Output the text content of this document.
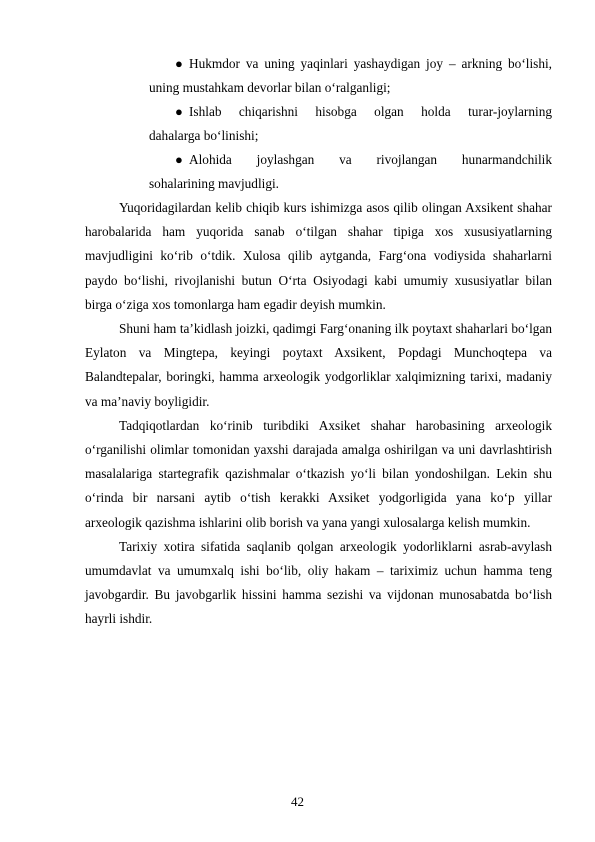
● Hukmdor va uning yaqinlari yashaydigan joy – arkning bo‘lishi,
uning mustahkam devorlar bilan o‘ralganligi;
● Ishlab chiqarishni hisobga olgan holda turar-joylarning
dahalarga bo‘linishi;
● Alohida joylashgan va rivojlangan hunarmandchilik
sohalarining mavjudligi.

Yuqoridagilardan kelib chiqib kurs ishimizga asos qilib olingan Axsikent shahar harobalarida ham yuqorida sanab o‘tilgan shahar tipiga xos xususiyatlarning mavjudligini ko‘rib o‘tdik. Xulosa qilib aytganda, Farg‘ona vodiysida shaharlarni paydo bo‘lishi, rivojlanishi butun O‘rta Osiyodagi kabi umumiy xususiyatlar bilan birga o‘ziga xos tomonlarga ham egadir deyish mumkin.

Shuni ham ta’kidlash joizki, qadimgi Farg‘onaning ilk poytaxt shaharlari bo‘lgan Eylaton va Mingtepa, keyingi poytaxt Axsikent, Popdagi Munchoqtepa va Balandtepalar, boringki, hamma arxeologik yodgorliklar xalqimizning tarixi, madaniy va ma’naviy boyligidir.

Tadqiqotlardan ko‘rinib turibdiki Axsiket shahar harobasining arxeologik o‘rganilishi olimlar tomonidan yaxshi darajada amalga oshirilgan va uni davrlashtirish masalalariga startegrafik qazishmalar o‘tkazish yo‘li bilan yondoshilgan. Lekin shu o‘rinda bir narsani aytib o‘tish kerakki Axsiket yodgorligida yana ko‘p yillar arxeologik qazishma ishlarini olib borish va yana yangi xulosalarga kelish mumkin.

Tarixiy xotira sifatida saqlanib qolgan arxeologik yodorliklarni asrab-avylash umumdavlat va umumxalq ishi bo‘lib, oliy hakam – tariximiz uchun hamma teng javobgardir. Bu javobgarlik hissini hamma sezishi va vijdonan munosabatda bo‘lish hayrli ishdir.

42
